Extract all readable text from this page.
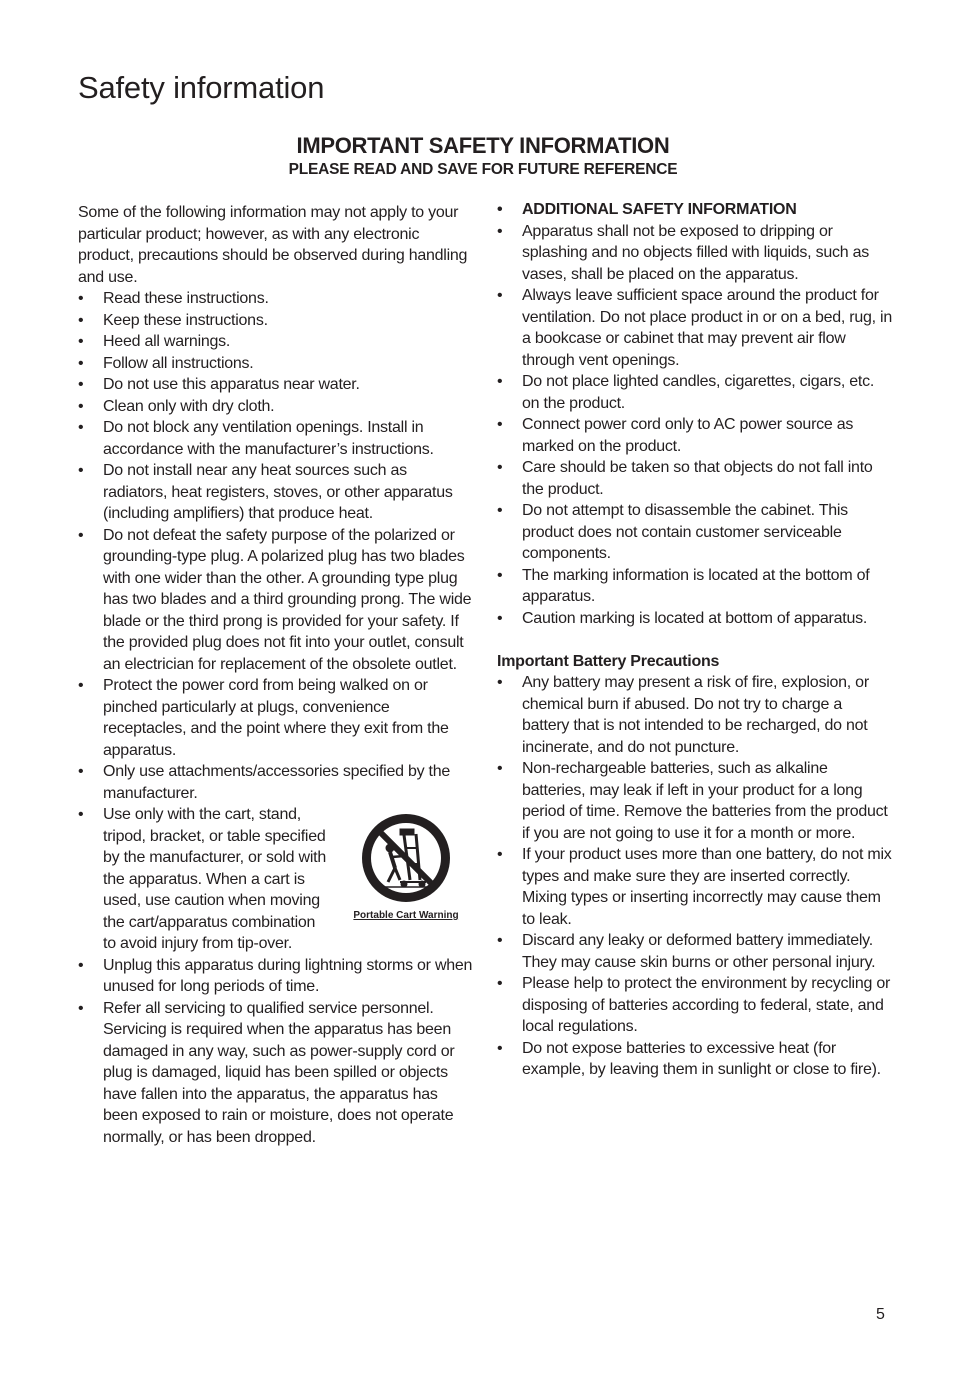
Safety information
IMPORTANT SAFETY INFORMATION
PLEASE READ AND SAVE FOR FUTURE REFERENCE

Some of the following information may not apply to your particular product; however, as with any electronic product, precautions should be observed during handling and use.

• Read these instructions.
• Keep these instructions.
• Heed all warnings.
• Follow all instructions.
• Do not use this apparatus near water.
• Clean only with dry cloth.
• Do not block any ventilation openings. Install in accordance with the manufacturer’s instructions.
• Do not install near any heat sources such as radiators, heat registers, stoves, or other apparatus (including amplifiers) that produce heat.
• Do not defeat the safety purpose of the polarized or grounding-type plug. A polarized plug has two blades with one wider than the other. A grounding type plug has two blades and a third grounding prong. The wide blade or the third prong is provided for your safety. If the provided plug does not fit into your outlet, consult an electrician for replacement of the obsolete outlet.
• Protect the power cord from being walked on or pinched particularly at plugs, convenience receptacles, and the point where they exit from the apparatus.
• Only use attachments/accessories specified by the manufacturer.
• Use only with the cart, stand, tripod, bracket, or table specified by the manufacturer, or sold with the apparatus. When a cart is used, use caution when moving the cart/apparatus combination to avoid injury from tip-over.
Portable Cart Warning
• Unplug this apparatus during lightning storms or when unused for long periods of time.
• Refer all servicing to qualified service personnel. Servicing is required when the apparatus has been damaged in any way, such as power-supply cord or plug is damaged, liquid has been spilled or objects have fallen into the apparatus, the apparatus has been exposed to rain or moisture, does not operate normally, or has been dropped.
• ADDITIONAL SAFETY INFORMATION
• Apparatus shall not be exposed to dripping or splashing and no objects filled with liquids, such as vases, shall be placed on the apparatus.
• Always leave sufficient space around the product for ventilation. Do not place product in or on a bed, rug, in a bookcase or cabinet that may prevent air flow through vent openings.
• Do not place lighted candles, cigarettes, cigars, etc. on the product.
• Connect power cord only to AC power source as marked on the product.
• Care should be taken so that objects do not fall into the product.
• Do not attempt to disassemble the cabinet. This product does not contain customer serviceable components.
• The marking information is located at the bottom of apparatus.
• Caution marking is located at bottom of apparatus.

Important Battery Precautions

• Any battery may present a risk of fire, explosion, or chemical burn if abused. Do not try to charge a battery that is not intended to be recharged, do not incinerate, and do not puncture.
• Non-rechargeable batteries, such as alkaline batteries, may leak if left in your product for a long period of time. Remove the batteries from the product if you are not going to use it for a month or more.
• If your product uses more than one battery, do not mix types and make sure they are inserted correctly. Mixing types or inserting incorrectly may cause them to leak.
• Discard any leaky or deformed battery immediately. They may cause skin burns or other personal injury.
• Please help to protect the environment by recycling or disposing of batteries according to federal, state, and local regulations.
• Do not expose batteries to excessive heat (for example, by leaving them in sunlight or close to fire).
5
